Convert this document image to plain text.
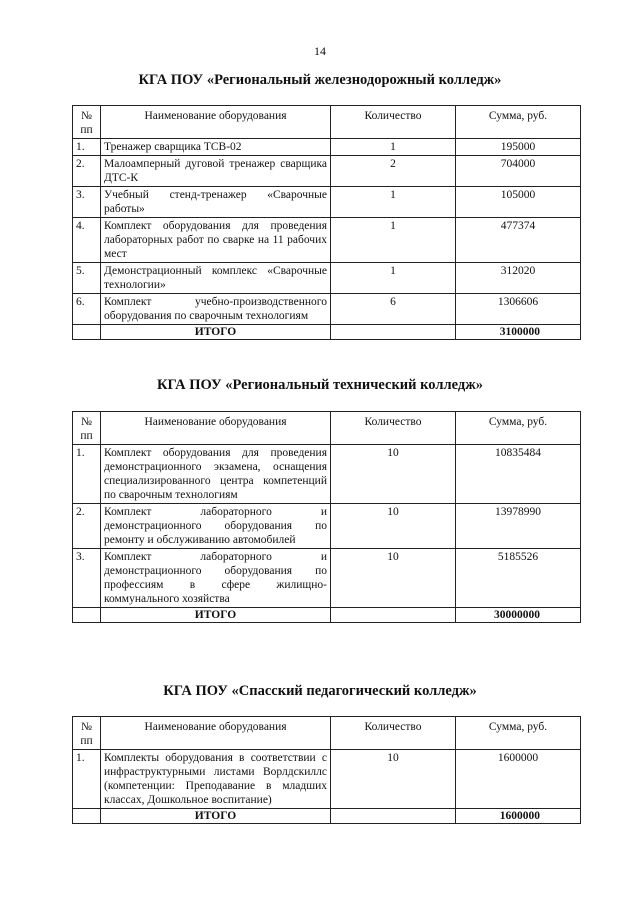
14
КГА ПОУ «Региональный железнодорожный колледж»
№ пп	Наименование оборудования	Количество	Сумма, руб.
1.	Тренажер сварщика ТСВ-02	1	195000
2.	Малоамперный дуговой тренажер сварщика ДТС-К	2	704000
3.	Учебный стенд-тренажер «Сварочные работы»	1	105000
4.	Комплект оборудования для проведения лабораторных работ по сварке на 11 рабочих мест	1	477374
5.	Демонстрационный комплекс «Сварочные технологии»	1	312020
6.	Комплект учебно-производственного оборудования по сварочным технологиям	6	1306606
	ИТОГО		3100000
КГА ПОУ «Региональный технический колледж»
№ пп	Наименование оборудования	Количество	Сумма, руб.
1.	Комплект оборудования для проведения демонстрационного экзамена, оснащения специализированного центра компетенций по сварочным технологиям	10	10835484
2.	Комплект лабораторного и демонстрационного оборудования по ремонту и обслуживанию автомобилей	10	13978990
3.	Комплект лабораторного и демонстрационного оборудования по профессиям в сфере жилищно-коммунального хозяйства	10	5185526
	ИТОГО		30000000
КГА ПОУ «Спасский педагогический колледж»
№ пп	Наименование оборудования	Количество	Сумма, руб.
1.	Комплекты оборудования в соответствии с инфраструктурными листами Ворлдскиллс (компетенции: Преподавание в младших классах, Дошкольное воспитание)	10	1600000
	ИТОГО		1600000
